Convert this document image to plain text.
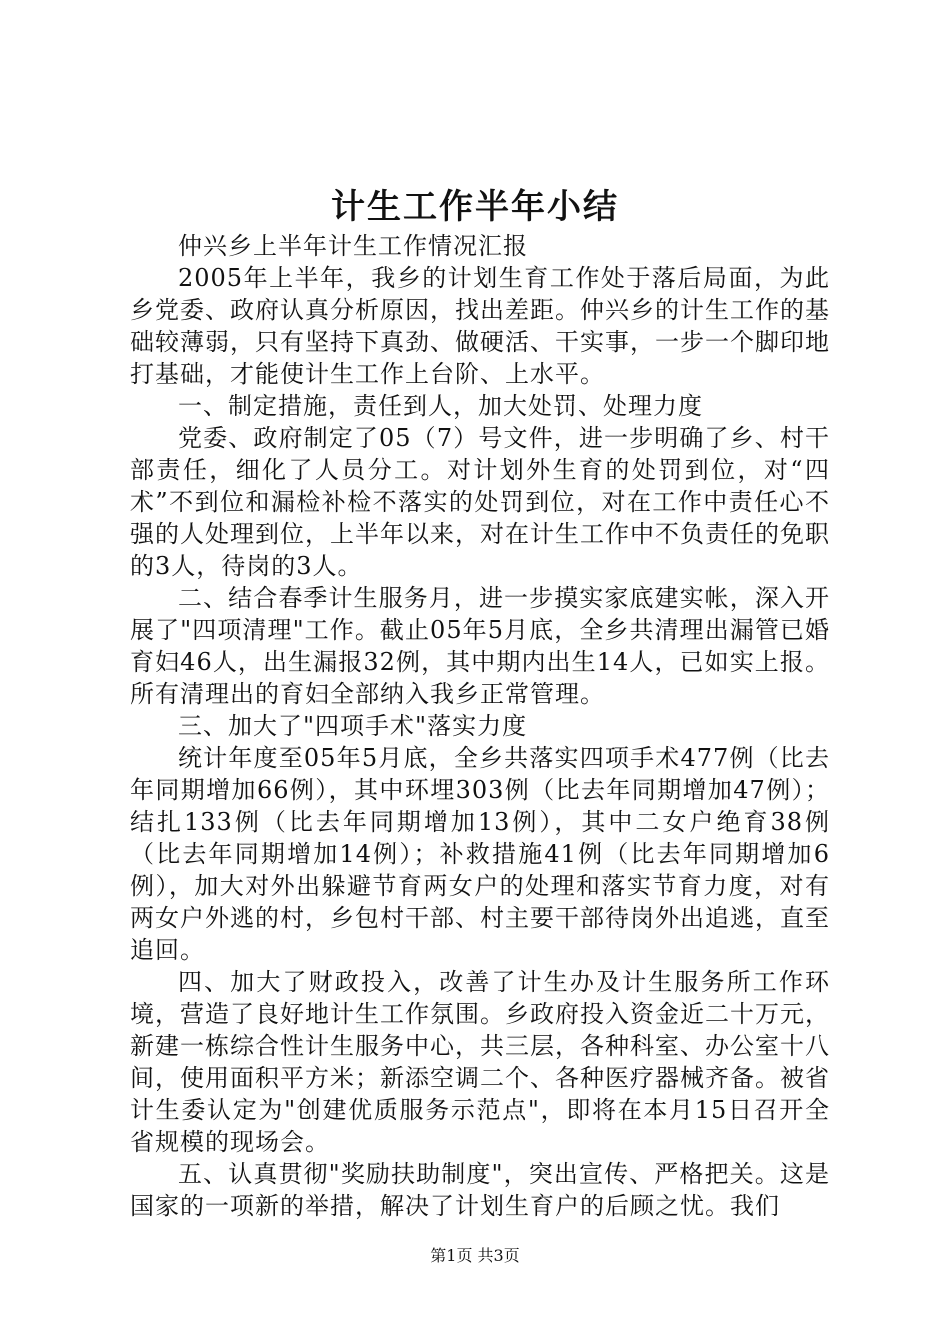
计生工作半年小结

仲兴乡上半年计生工作情况汇报

2005年上半年，我乡的计划生育工作处于落后局面，为此乡党委、政府认真分析原因，找出差距。仲兴乡的计生工作的基础较薄弱，只有坚持下真劲、做硬活、干实事，一步一个脚印地打基础，才能使计生工作上台阶、上水平。

一、制定措施，责任到人，加大处罚、处理力度

党委、政府制定了05（7）号文件，进一步明确了乡、村干部责任，细化了人员分工。对计划外生育的处罚到位，对“四术”不到位和漏检补检不落实的处罚到位，对在工作中责任心不强的人处理到位，上半年以来，对在计生工作中不负责任的免职的3人，待岗的3人。

二、结合春季计生服务月，进一步摸实家底建实帐，深入开展了"四项清理"工作。截止05年5月底，全乡共清理出漏管已婚育妇46人，出生漏报32例，其中期内出生14人，已如实上报。所有清理出的育妇全部纳入我乡正常管理。

三、加大了"四项手术"落实力度

统计年度至05年5月底，全乡共落实四项手术477例（比去年同期增加66例），其中环埋303例（比去年同期增加47例）；结扎133例（比去年同期增加13例），其中二女户绝育38例（比去年同期增加14例）；补救措施41例（比去年同期增加6例），加大对外出躲避节育两女户的处理和落实节育力度，对有两女户外逃的村，乡包村干部、村主要干部待岗外出追逃，直至追回。

四、加大了财政投入，改善了计生办及计生服务所工作环境，营造了良好地计生工作氛围。乡政府投入资金近二十万元，新建一栋综合性计生服务中心，共三层，各种科室、办公室十八间，使用面积平方米；新添空调二个、各种医疗器械齐备。被省计生委认定为"创建优质服务示范点"，即将在本月15日召开全省规模的现场会。

五、认真贯彻"奖励扶助制度"，突出宣传、严格把关。这是国家的一项新的举措，解决了计划生育户的后顾之忧。我们

第1页 共3页
